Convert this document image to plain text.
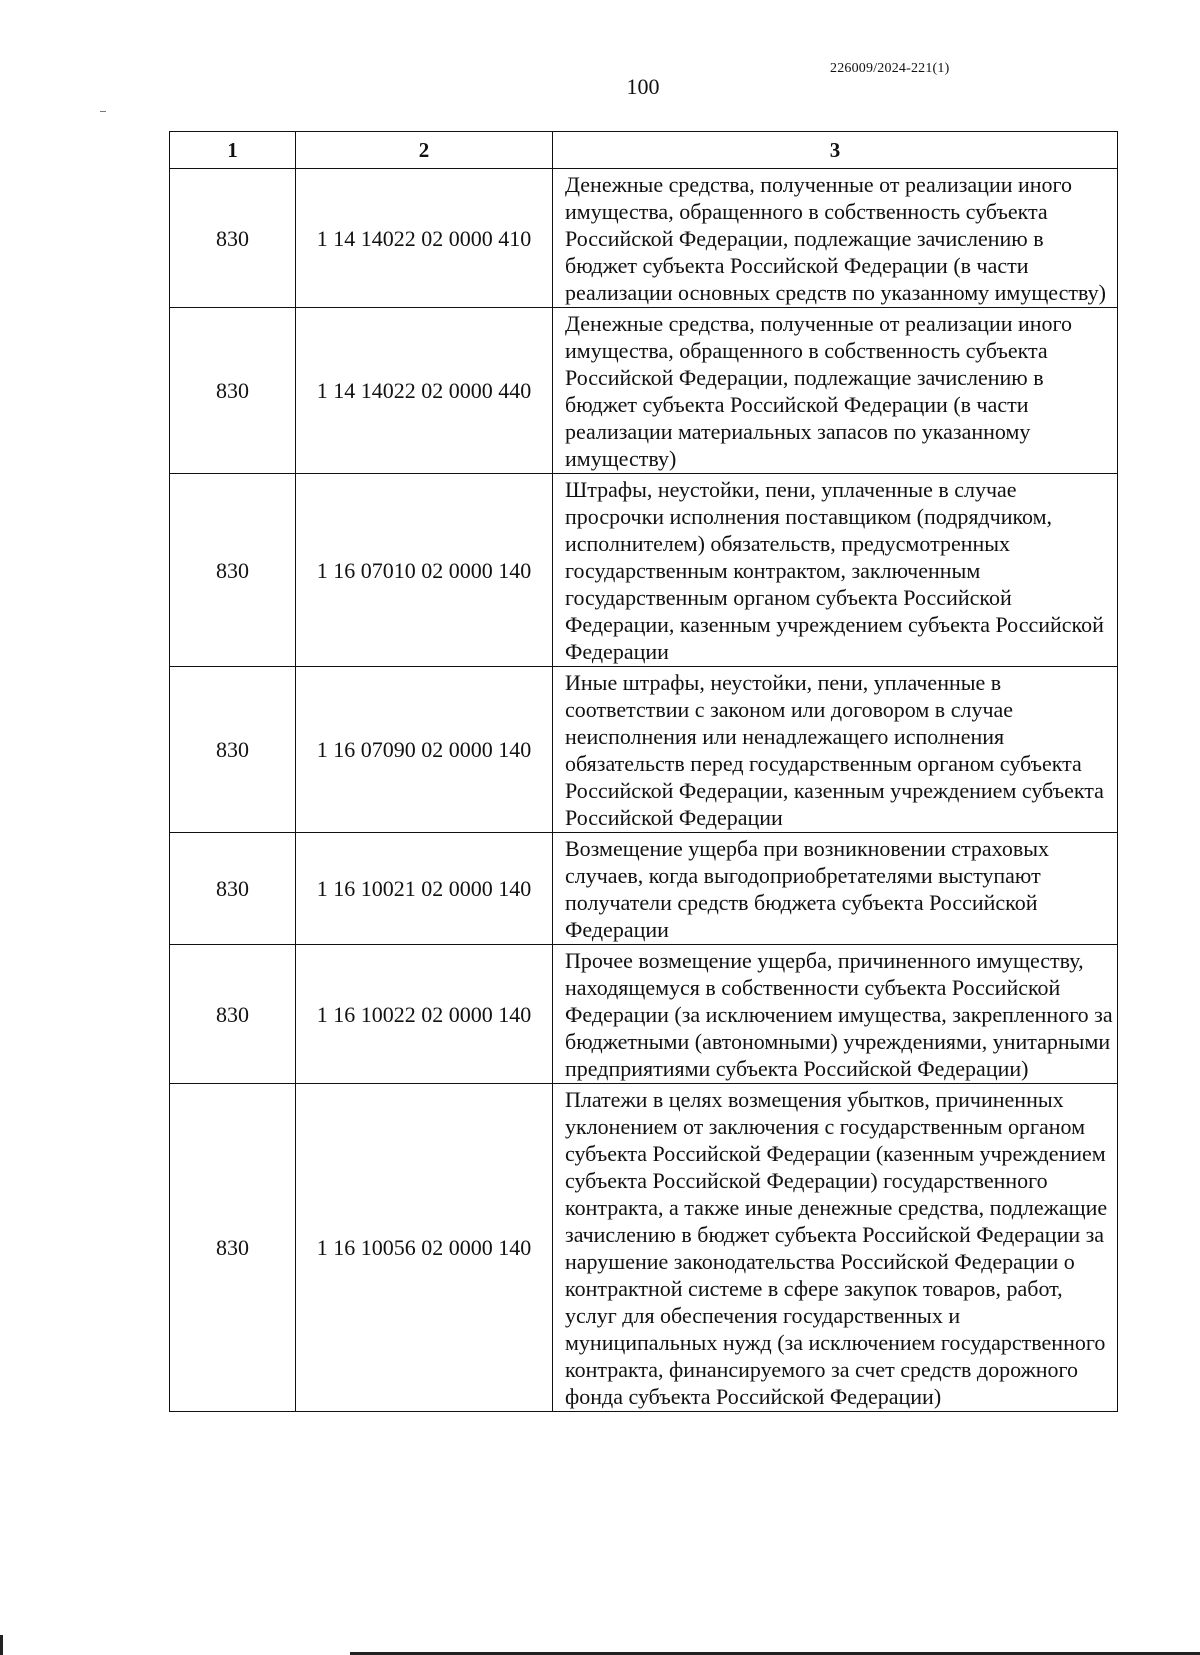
226009/2024-221(1)
100
1	2	3
830	1 14 14022 02 0000 410	Денежные средства, полученные от реализации иного имущества, обращенного в собственность субъекта Российской Федерации, подлежащие зачислению в бюджет субъекта Российской Федерации (в части реализации основных средств по указанному имуществу)
830	1 14 14022 02 0000 440	Денежные средства, полученные от реализации иного имущества, обращенного в собственность субъекта Российской Федерации, подлежащие зачислению в бюджет субъекта Российской Федерации (в части реализации материальных запасов по указанному имуществу)
830	1 16 07010 02 0000 140	Штрафы, неустойки, пени, уплаченные в случае просрочки исполнения поставщиком (подрядчиком, исполнителем) обязательств, предусмотренных государственным контрактом, заключенным государственным органом субъекта Российской Федерации, казенным учреждением субъекта Российской Федерации
830	1 16 07090 02 0000 140	Иные штрафы, неустойки, пени, уплаченные в соответствии с законом или договором в случае неисполнения или ненадлежащего исполнения обязательств перед государственным органом субъекта Российской Федерации, казенным учреждением субъекта Российской Федерации
830	1 16 10021 02 0000 140	Возмещение ущерба при возникновении страховых случаев, когда выгодоприобретателями выступают получатели средств бюджета субъекта Российской Федерации
830	1 16 10022 02 0000 140	Прочее возмещение ущерба, причиненного имуществу, находящемуся в собственности субъекта Российской Федерации (за исключением имущества, закрепленного за бюджетными (автономными) учреждениями, унитарными предприятиями субъекта Российской Федерации)
830	1 16 10056 02 0000 140	Платежи в целях возмещения убытков, причиненных уклонением от заключения с государственным органом субъекта Российской Федерации (казенным учреждением субъекта Российской Федерации) государственного контракта, а также иные денежные средства, подлежащие зачислению в бюджет субъекта Российской Федерации за нарушение законодательства Российской Федерации о контрактной системе в сфере закупок товаров, работ, услуг для обеспечения государственных и муниципальных нужд (за исключением государственного контракта, финансируемого за счет средств дорожного фонда субъекта Российской Федерации)
